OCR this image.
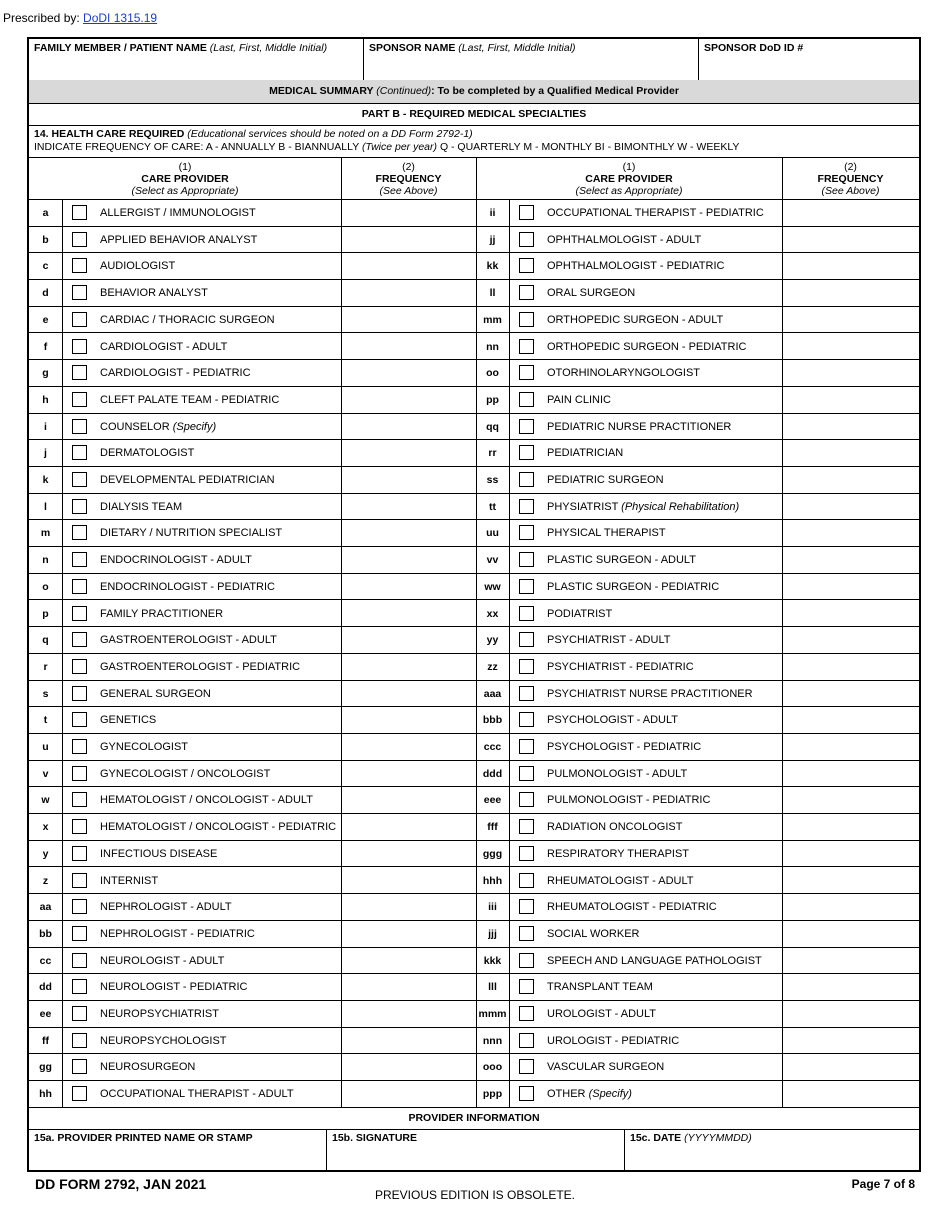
Prescribed by: DoDI 1315.19
FAMILY MEMBER / PATIENT NAME (Last, First, Middle Initial)	SPONSOR NAME (Last, First, Middle Initial)	SPONSOR DoD ID #
MEDICAL SUMMARY (Continued): To be completed by a Qualified Medical Provider
PART B - REQUIRED MEDICAL SPECIALTIES
14. HEALTH CARE REQUIRED (Educational services should be noted on a DD Form 2792-1)
INDICATE FREQUENCY OF CARE: A - ANNUALLY B - BIANNUALLY (Twice per year) Q - QUARTERLY M - MONTHLY BI - BIMONTHLY W - WEEKLY
(1)
CARE PROVIDER
(Select as Appropriate)
(2)
FREQUENCY
(See Above)
(1)
CARE PROVIDER
(Select as Appropriate)
(2)
FREQUENCY
(See Above)
a	ALLERGIST / IMMUNOLOGIST	ii	OCCUPATIONAL THERAPIST - PEDIATRIC
b	APPLIED BEHAVIOR ANALYST	jj	OPHTHALMOLOGIST - ADULT
c	AUDIOLOGIST	kk	OPHTHALMOLOGIST - PEDIATRIC
d	BEHAVIOR ANALYST	ll	ORAL SURGEON
e	CARDIAC / THORACIC SURGEON	mm	ORTHOPEDIC SURGEON - ADULT
f	CARDIOLOGIST - ADULT	nn	ORTHOPEDIC SURGEON - PEDIATRIC
g	CARDIOLOGIST - PEDIATRIC	oo	OTORHINOLARYNGOLOGIST
h	CLEFT PALATE TEAM - PEDIATRIC	pp	PAIN CLINIC
i	COUNSELOR (Specify)	qq	PEDIATRIC NURSE PRACTITIONER
j	DERMATOLOGIST	rr	PEDIATRICIAN
k	DEVELOPMENTAL PEDIATRICIAN	ss	PEDIATRIC SURGEON
l	DIALYSIS TEAM	tt	PHYSIATRIST (Physical Rehabilitation)
m	DIETARY / NUTRITION SPECIALIST	uu	PHYSICAL THERAPIST
n	ENDOCRINOLOGIST - ADULT	vv	PLASTIC SURGEON - ADULT
o	ENDOCRINOLOGIST - PEDIATRIC	ww	PLASTIC SURGEON - PEDIATRIC
p	FAMILY PRACTITIONER	xx	PODIATRIST
q	GASTROENTEROLOGIST - ADULT	yy	PSYCHIATRIST - ADULT
r	GASTROENTEROLOGIST - PEDIATRIC	zz	PSYCHIATRIST - PEDIATRIC
s	GENERAL SURGEON	aaa	PSYCHIATRIST NURSE PRACTITIONER
t	GENETICS	bbb	PSYCHOLOGIST - ADULT
u	GYNECOLOGIST	ccc	PSYCHOLOGIST - PEDIATRIC
v	GYNECOLOGIST / ONCOLOGIST	ddd	PULMONOLOGIST - ADULT
w	HEMATOLOGIST / ONCOLOGIST - ADULT	eee	PULMONOLOGIST - PEDIATRIC
x	HEMATOLOGIST / ONCOLOGIST - PEDIATRIC	fff	RADIATION ONCOLOGIST
y	INFECTIOUS DISEASE	ggg	RESPIRATORY THERAPIST
z	INTERNIST	hhh	RHEUMATOLOGIST - ADULT
aa	NEPHROLOGIST - ADULT	iii	RHEUMATOLOGIST - PEDIATRIC
bb	NEPHROLOGIST - PEDIATRIC	jjj	SOCIAL WORKER
cc	NEUROLOGIST - ADULT	kkk	SPEECH AND LANGUAGE PATHOLOGIST
dd	NEUROLOGIST - PEDIATRIC	lll	TRANSPLANT TEAM
ee	NEUROPSYCHIATRIST	mmm	UROLOGIST - ADULT
ff	NEUROPSYCHOLOGIST	nnn	UROLOGIST - PEDIATRIC
gg	NEUROSURGEON	ooo	VASCULAR SURGEON
hh	OCCUPATIONAL THERAPIST - ADULT	ppp	OTHER (Specify)
PROVIDER INFORMATION
15a. PROVIDER PRINTED NAME OR STAMP	15b. SIGNATURE	15c. DATE (YYYYMMDD)
DD FORM 2792, JAN 2021
PREVIOUS EDITION IS OBSOLETE.
Page 7 of 8
